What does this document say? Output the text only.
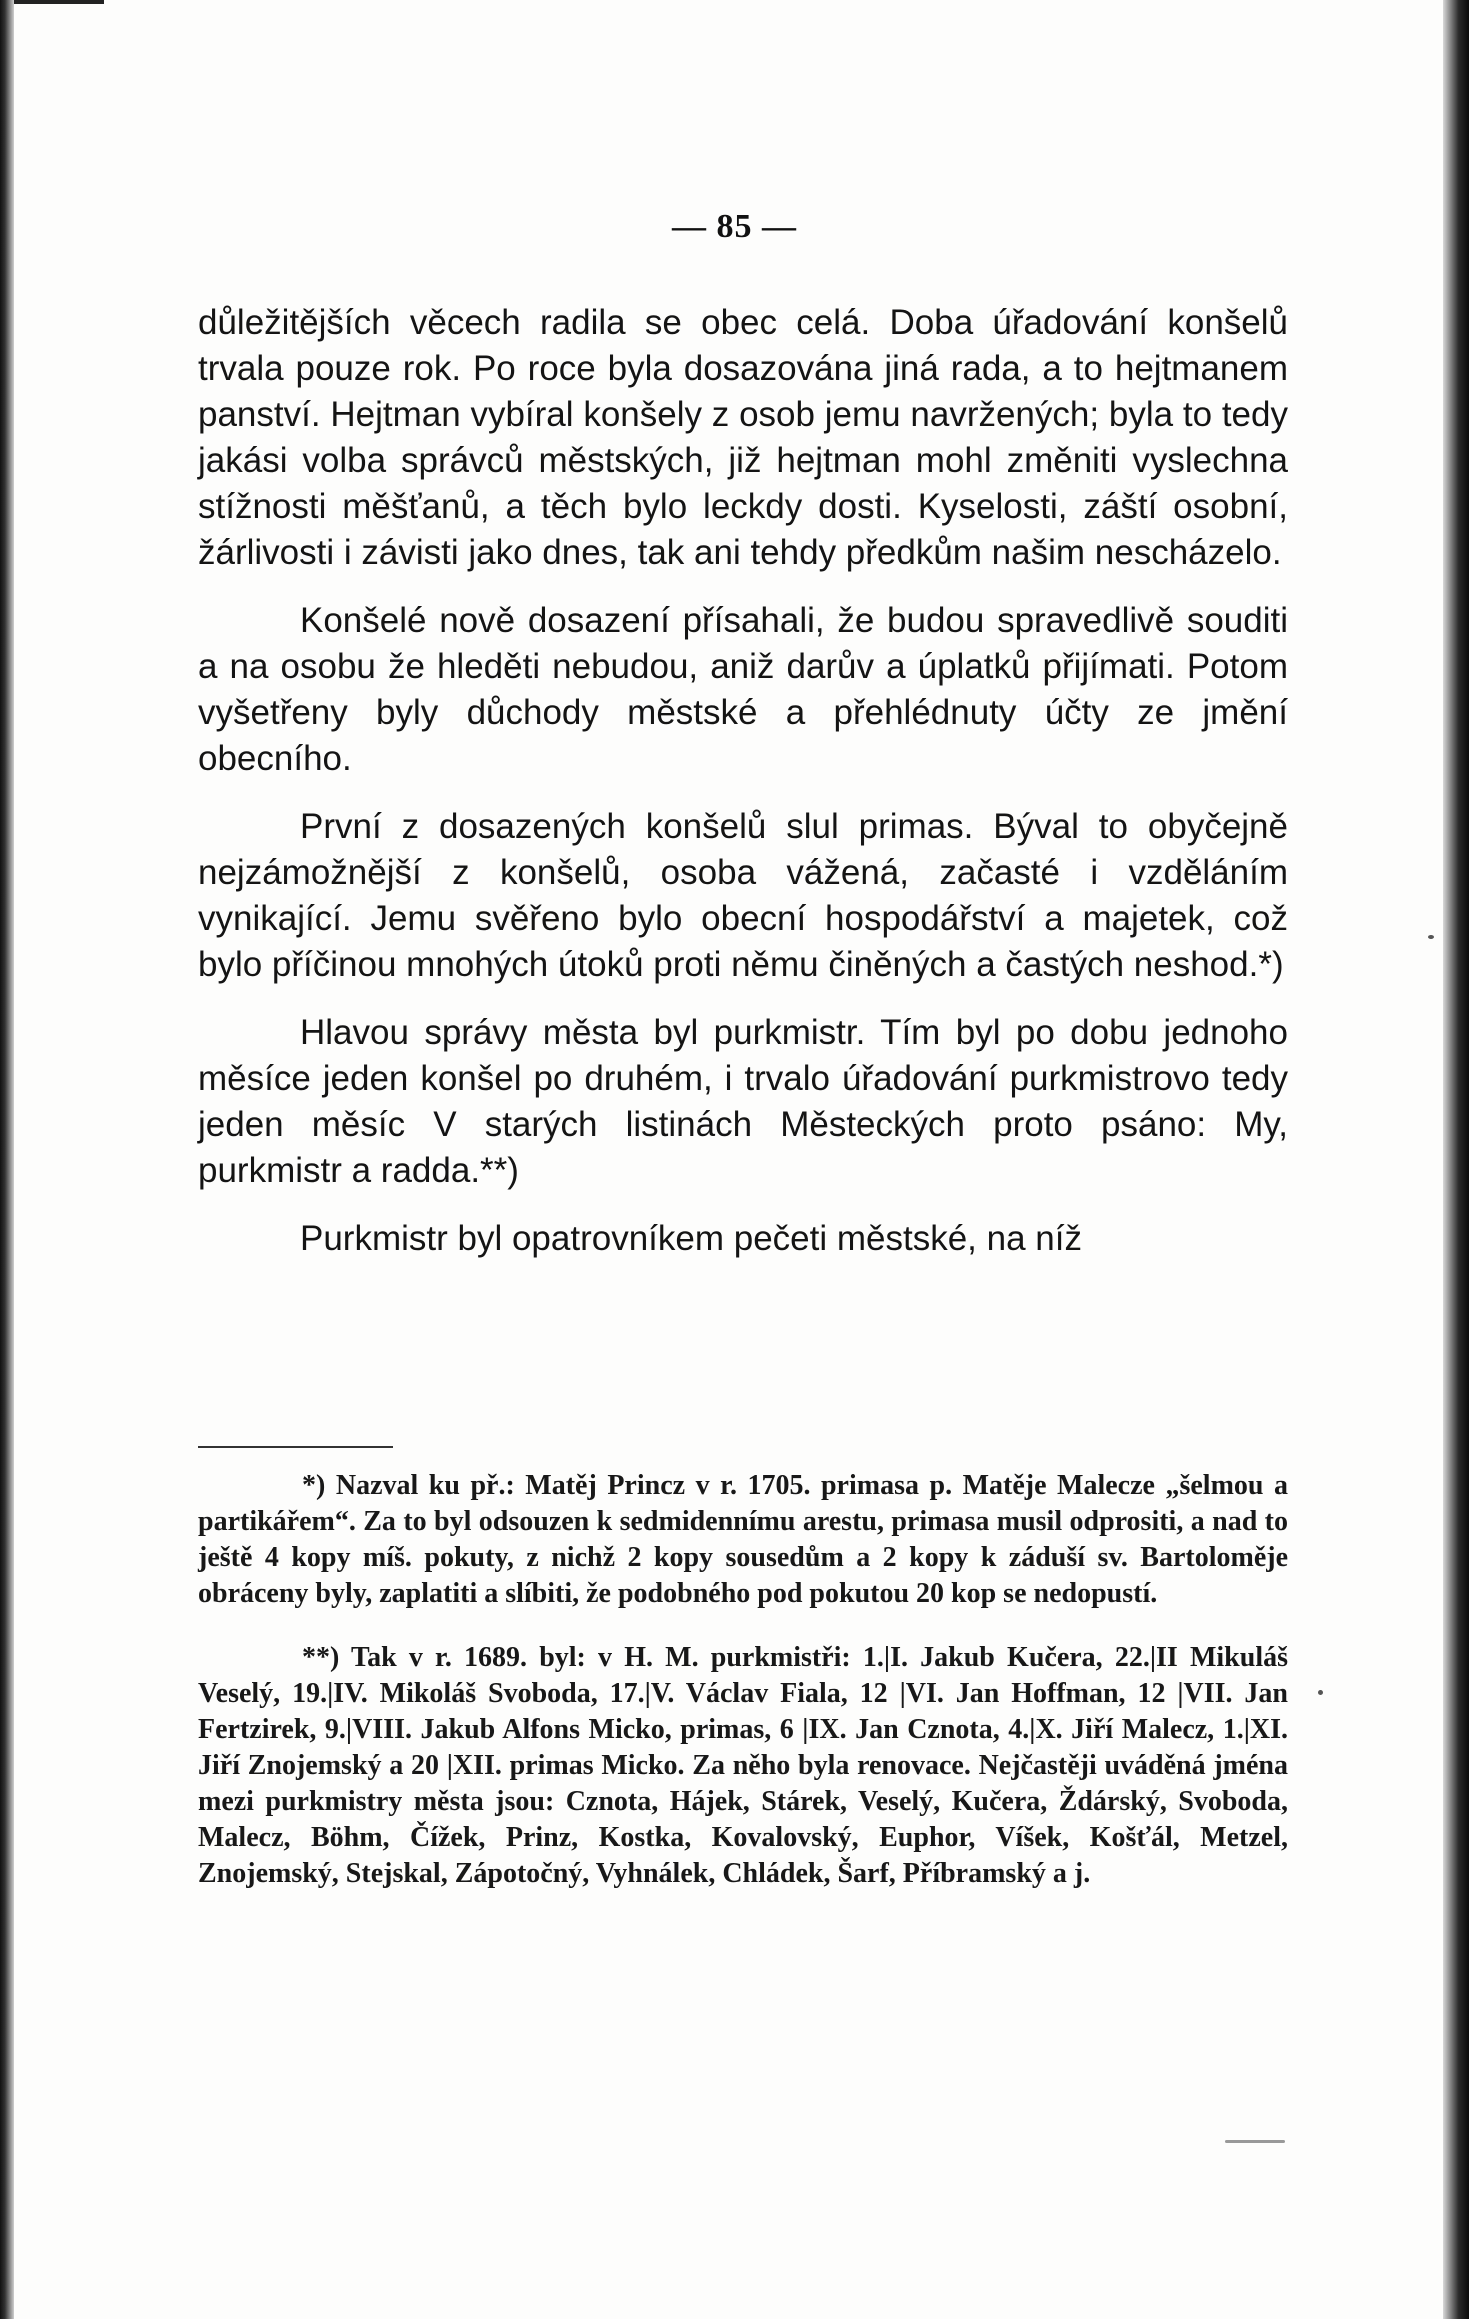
— 85 —

důležitějších věcech radila se obec celá. Doba úřadování konšelů trvala pouze rok. Po roce byla dosazována jiná rada, a to hejtmanem panství. Hejtman vybíral konšely z osob jemu navržených; byla to tedy jakási volba správců městských, již hejtman mohl změniti vyslechna stížnosti měšťanů, a těch bylo leckdy dosti. Kyselosti, záští osobní, žárlivosti i závisti jako dnes, tak ani tehdy předkům našim nescházelo.

Konšelé nově dosazení přísahali, že budou spravedlivě souditi a na osobu že hleděti nebudou, aniž darův a úplatků přijímati. Potom vyšetřeny byly důchody městské a přehlédnuty účty ze jmění obecního.

První z dosazených konšelů slul primas. Býval to obyčejně nejzámožnější z konšelů, osoba vážená, začasté i vzděláním vynikající. Jemu svěřeno bylo obecní hospodářství a majetek, což bylo příčinou mnohých útoků proti němu činěných a častých neshod.*)

Hlavou správy města byl purkmistr. Tím byl po dobu jednoho měsíce jeden konšel po druhém, i trvalo úřadování purkmistrovo tedy jeden měsíc V starých listinách Městeckých proto psáno: My, purkmistr a radda.**)

Purkmistr byl opatrovníkem pečeti městské, na níž

*) Nazval ku př.: Matěj Princz v r. 1705. primasa p. Matěje Malecze „šelmou a partikářem“. Za to byl odsouzen k sedmidennímu arestu, primasa musil odprositi, a nad to ještě 4 kopy míš. pokuty, z nichž 2 kopy sousedům a 2 kopy k záduší sv. Bartoloměje obráceny byly, zaplatiti a slíbiti, že podobného pod pokutou 20 kop se nedopustí.

**) Tak v r. 1689. byl: v H. M. purkmistři: 1.|I. Jakub Kučera, 22.|II Mikuláš Veselý, 19.|IV. Mikoláš Svoboda, 17.|V. Václav Fiala, 12 |VI. Jan Hoffman, 12 |VII. Jan Fertzirek, 9.|VIII. Jakub Alfons Micko, primas, 6 |IX. Jan Cznota, 4.|X. Jiří Malecz, 1.|XI. Jiří Znojemský a 20 |XII. primas Micko. Za něho byla renovace. Nejčastěji uváděná jména mezi purkmistry města jsou: Cznota, Hájek, Stárek, Veselý, Kučera, Ždárský, Svoboda, Malecz, Böhm, Čížek, Prinz, Kostka, Kovalovský, Euphor, Víšek, Košťál, Metzel, Znojemský, Stejskal, Zápotočný, Vyhnálek, Chládek, Šarf, Příbramský a j.
